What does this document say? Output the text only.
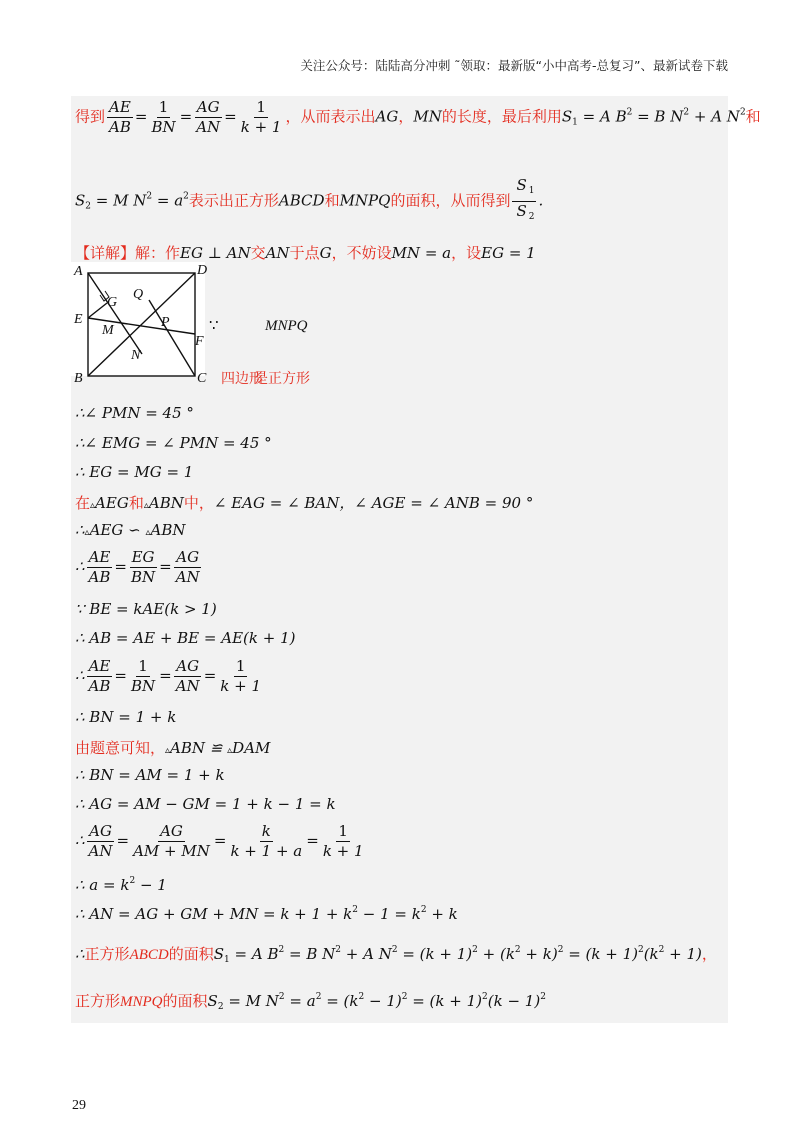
关注公众号：陆陆高分冲刺 ˜领取：最新版“小中高考-总复习”、最新试卷下载
得到 $\frac{AE}{AB} = \frac{1}{BN} = \frac{AG}{AN} = \frac{1}{k + 1}$ ，从而表示出AG，MN的长度，最后利用$S_1 = A$ $B^2 = B$ $N^2 + A$ $N^2$和
$S_2 = M$ $N^2 = a^2$表示出正方形ABCD和MNPQ的面积，从而得到 $\frac{S _1}{S _2}$ .
【详解】解：作EG ⊥ AN交AN于点G，不妨设MN = a，设EG = 1
A	D
B	C
E
F
G
Q
M
P
N
∵	MNPQ
四边形
是正方形
∴∠ PMN = 45 °
∴∠ EMG = ∠ PMN = 45 °
∴ EG = MG = 1
在▵AEG和▵ABN中，∠ EAG = ∠ BAN，∠ AGE = ∠ ANB = 90 °
∴▵AEG ∽ ▵ABN
∴ $\frac{AE}{AB} = \frac{EG}{BN} = \frac{AG}{AN}$
∵ BE = kAE(k > 1)
∴ AB = AE + BE = AE(k + 1)
∴ $\frac{AE}{AB} = \frac{1}{BN} = \frac{AG}{AN} = \frac{1}{k + 1}$
∴ BN = 1 + k
由题意可知，▵ABN ≌ ▵DAM
∴ BN = AM = 1 + k
∴ AG = AM − GM = 1 + k − 1 = k
∴ $\frac{AG}{AN} = \frac{AG}{AM + MN} = \frac{k}{k + 1 + a} = \frac{1}{k + 1}$
∴ $a = k^2 - 1$
∴ AN = AG + GM + MN = $k + 1 + k^2 - 1 = k^2 + k$
∴正方形ABCD的面积$S_1 = A$ $B^2 = B$ $N^2 + A$ $N^2 = (k + 1)^2 + (k^2 + k)^2 = (k + 1)^2(k^2 + 1)$，
正方形MNPQ的面积$S_2 = M$ $N^2 = a^2 = (k^2 - 1)^2 = (k + 1)^2(k - 1)^2$
29
